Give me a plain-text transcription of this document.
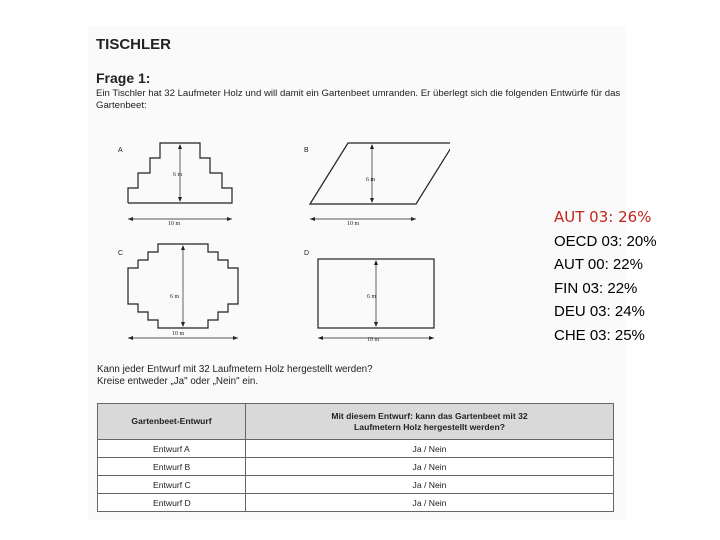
TISCHLER
Frage 1:
Ein Tischler hat 32 Laufmeter Holz und will damit ein Gartenbeet umranden. Er überlegt sich die folgenden Entwürfe für das Gartenbeet:
A
6 m
10 m
B
6 m
10 m
C
6 m
10 m
D
6 m
10 m
Kann jeder Entwurf mit 32 Laufmetern Holz hergestellt werden?
Kreise entweder „Ja" oder „Nein" ein.
Gartenbeet-Entwurf	Mit diesem Entwurf: kann das Gartenbeet mit 32
Laufmetern Holz hergestellt werden?

Entwurf A	Ja / Nein
Entwurf B	Ja / Nein
Entwurf C	Ja / Nein
Entwurf D	Ja / Nein
AUT 03: 26%
OECD 03: 20%
AUT 00: 22%
FIN 03: 22%
DEU 03: 24%
CHE 03: 25%
